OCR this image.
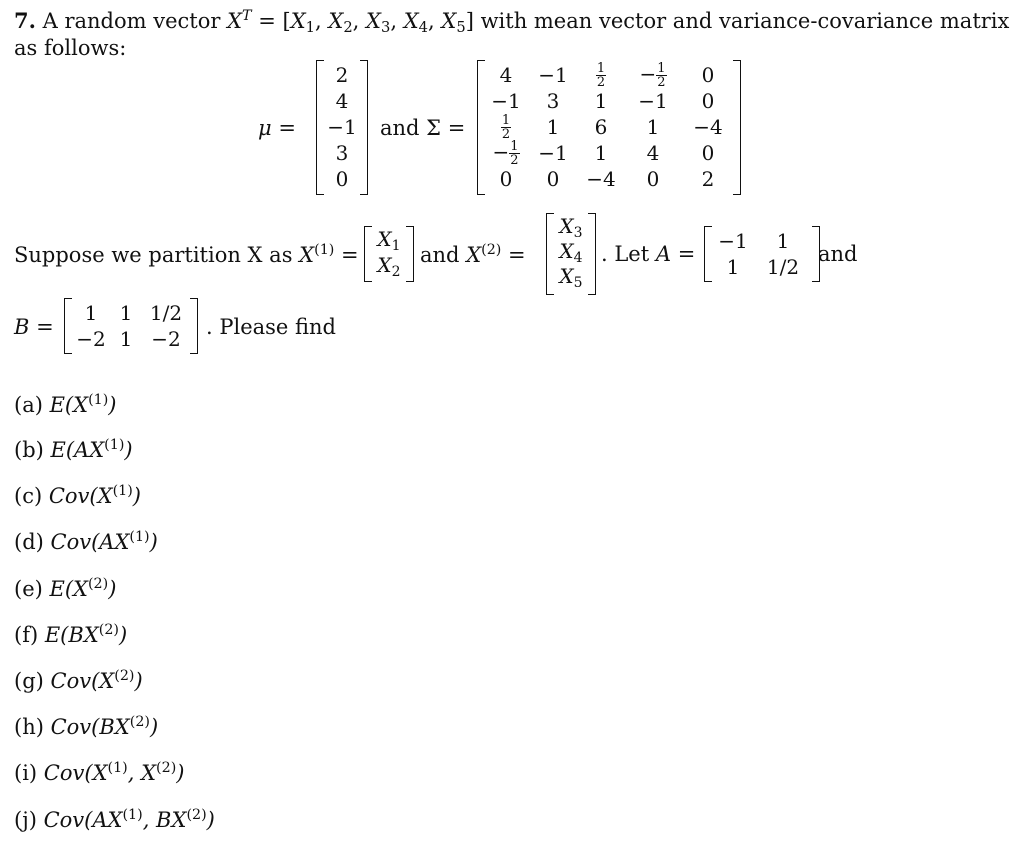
7. A random vector $X^T = [X_1$, $X_2$, $X_3$, $X_4$, $X_5$] with mean vector and variance-covariance matrix
as follows:
μ =
2
4
−1
3
0
and Σ =
$4 -1 \frac{1}{2} - \frac{1}{2} 0$
−1 3 1 −1 0
$\frac{1}{2} 1$ 6 1 −4
− $\frac{1}{2} -1$ 1 4 0
0 0 −4 0 2
Suppose we partition X as $X^{(1)}$ =
$X_1$
$X_2$
and $X^{(2)}$ =
$X_3$
$X_4$
$X_5$
. Let A =
−1 1
1 1/2
and
B =
1 1 1/2
−2 1 −2 . Please find
(a) $E(X^{(1)})$
(b) E(AX$^{(1)}$)
(c) $Cov(X^{(1)})$
(d) Cov(AX$^{(1)}$)
(e) $E(X^{(2)})$
(f) E(BX$^{(2)}$)
(g) $Cov(X^{(2)})$
(h) Cov(BX$^{(2)}$)
(i) $Cov(X^{(1)}$, $X^{(2)}$)
(j) Cov(AX$^{(1)}$, BX$^{(2)}$)
